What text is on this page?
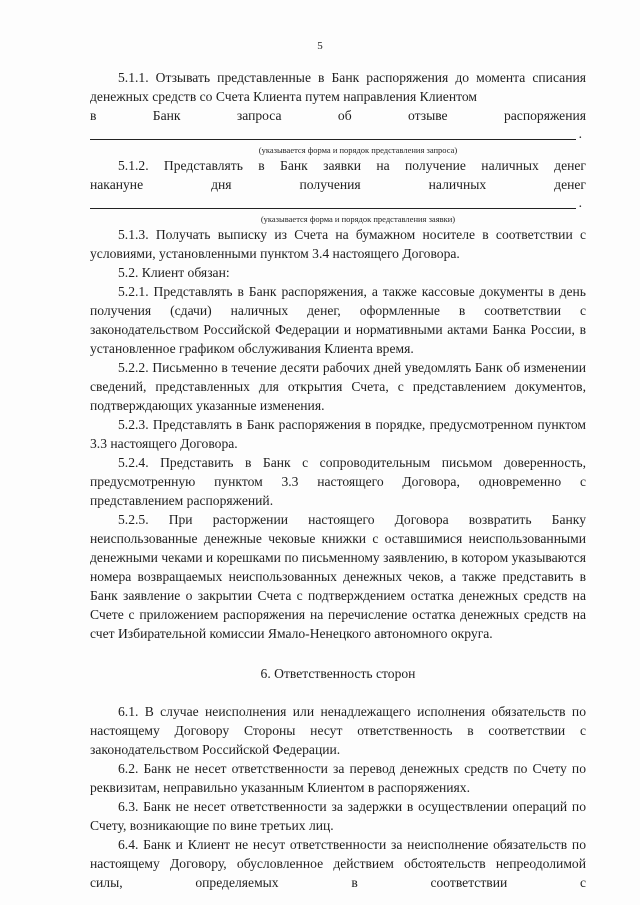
5

5.1.1. Отзывать представленные в Банк распоряжения до момента списания денежных средств со Счета Клиента путем направления Клиентом

в Банк запроса об отзыве распоряжения

.

(указывается форма и порядок представления запроса)

5.1.2. Представлять в Банк заявки на получение наличных денег

накануне дня получения наличных денег

.

(указывается форма и порядок представления заявки)

5.1.3. Получать выписку из Счета на бумажном носителе в соответствии с условиями, установленными пунктом 3.4 настоящего Договора.

5.2. Клиент обязан:

5.2.1. Представлять в Банк распоряжения, а также кассовые документы в день получения (сдачи) наличных денег, оформленные в соответствии с законодательством Российской Федерации и нормативными актами Банка России, в установленное графиком обслуживания Клиента время.

5.2.2. Письменно в течение десяти рабочих дней уведомлять Банк об изменении сведений, представленных для открытия Счета, с представлением документов, подтверждающих указанные изменения.

5.2.3. Представлять в Банк распоряжения в порядке, предусмотренном пунктом 3.3 настоящего Договора.

5.2.4. Представить в Банк с сопроводительным письмом доверенность, предусмотренную пунктом 3.3 настоящего Договора, одновременно с представлением распоряжений.

5.2.5. При расторжении настоящего Договора возвратить Банку неиспользованные денежные чековые книжки с оставшимися неиспользованными денежными чеками и корешками по письменному заявлению, в котором указываются номера возвращаемых неиспользованных денежных чеков, а также представить в Банк заявление о закрытии Счета с подтверждением остатка денежных средств на Счете с приложением распоряжения на перечисление остатка денежных средств на счет Избирательной комиссии Ямало-Ненецкого автономного округа.

6. Ответственность сторон

6.1. В случае неисполнения или ненадлежащего исполнения обязательств по настоящему Договору Стороны несут ответственность в соответствии с законодательством Российской Федерации.

6.2. Банк не несет ответственности за перевод денежных средств по Счету по реквизитам, неправильно указанным Клиентом в распоряжениях.

6.3. Банк не несет ответственности за задержки в осуществлении операций по Счету, возникающие по вине третьих лиц.

6.4. Банк и Клиент не несут ответственности за неисполнение обязательств по настоящему Договору, обусловленное действием обстоятельств непреодолимой силы, определяемых в соответствии с
